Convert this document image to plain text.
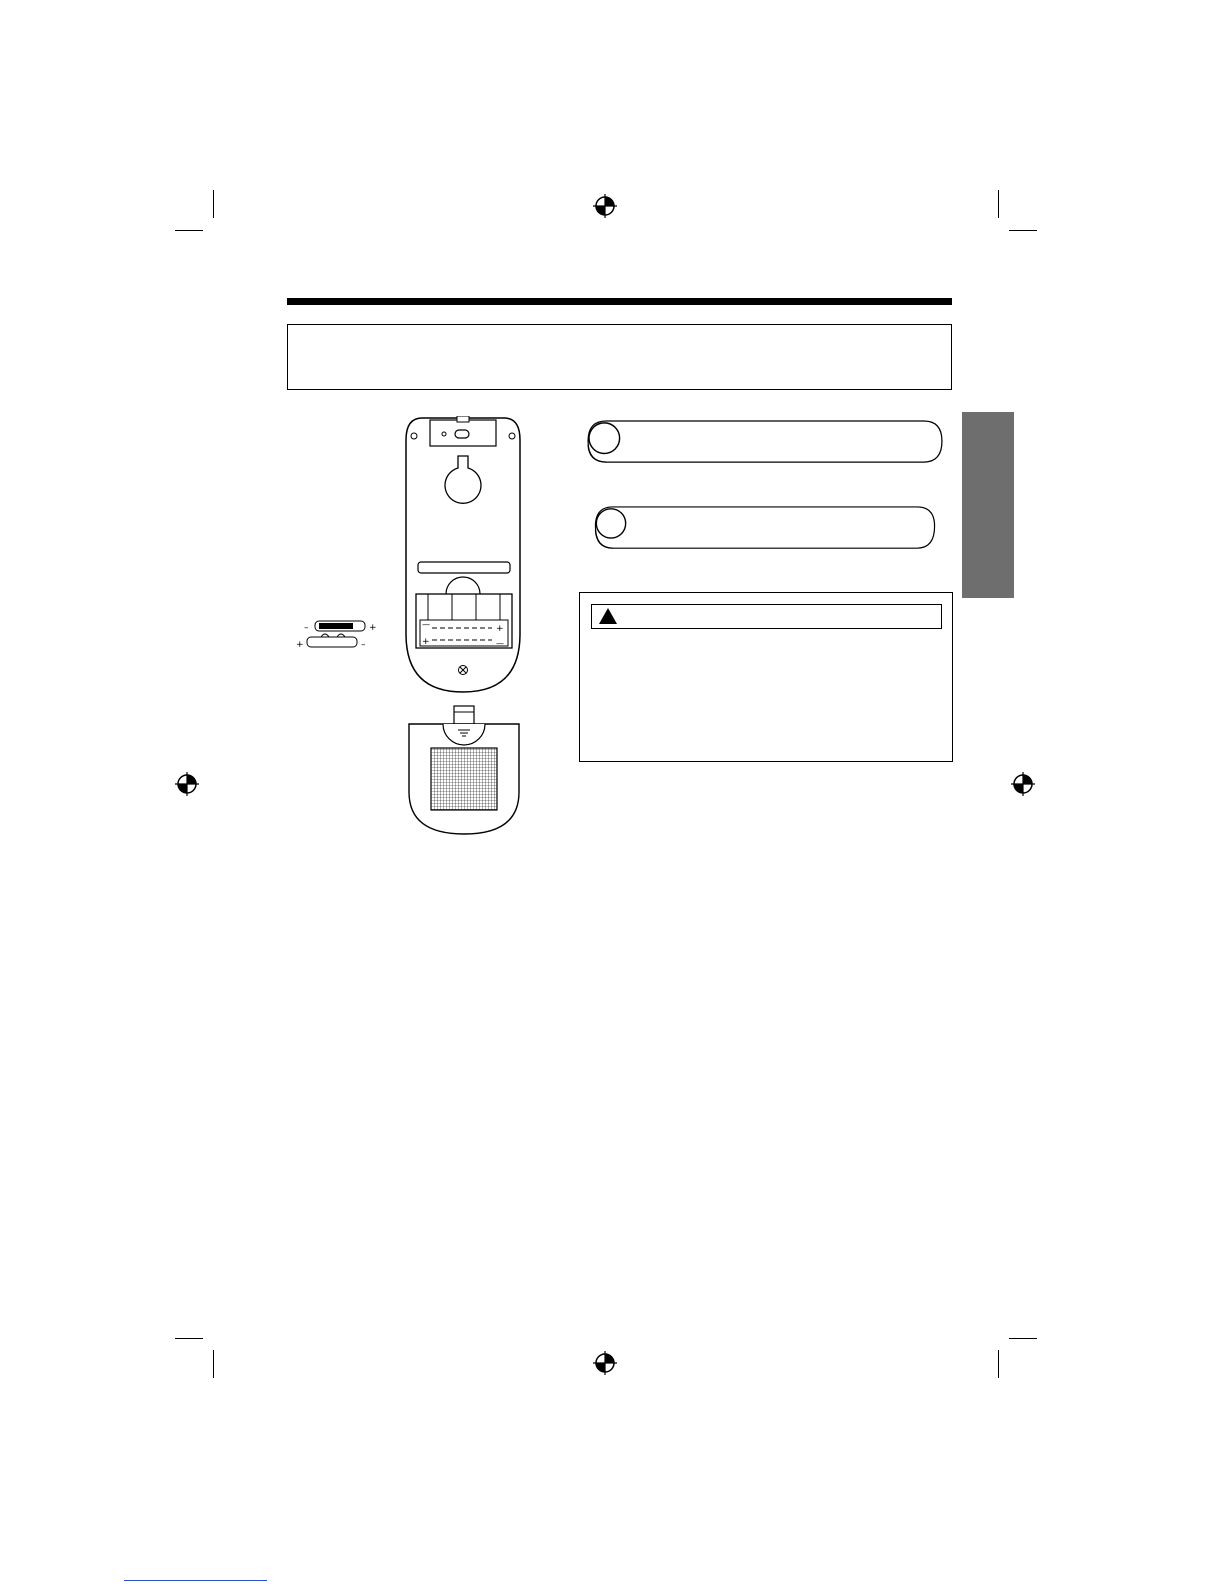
—	+
+	—
–	+
+	–
